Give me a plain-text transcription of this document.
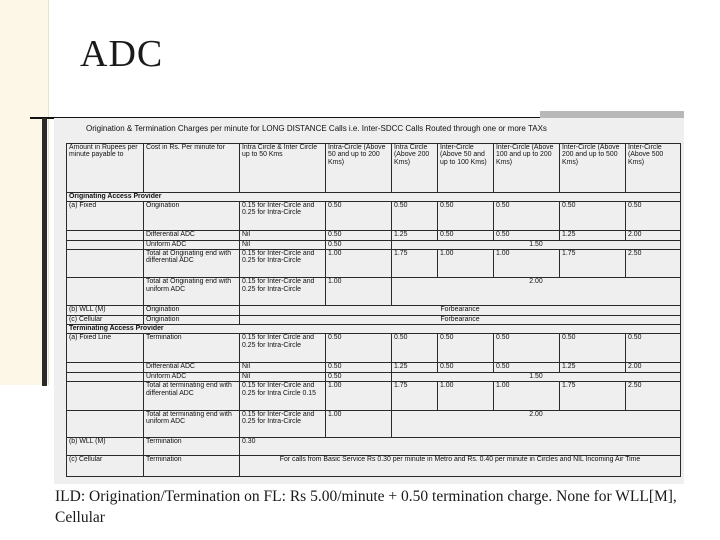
ADC
Origination & Termination Charges per minute for LONG DISTANCE Calls i.e. Inter-SDCC Calls Routed through one or more TAXs
Amount in Rupees per minute payable to	Cost in Rs. Per minute for	Intra Circle & Inter Circle up to 50 Kms	Intra-Circle (Above 50 and up to 200 Kms)	Intra Circle (Above 200 Kms)	Inter-Circle (Above 50 and up to 100 Kms)	Inter-Circle (Above 100 and up to 200 Kms)	Inter-Circle (Above 200 and up to 500 Kms)	Inter-Circle (Above 500 Kms)
Originating Access Provider								
(a) Fixed	Origination	0.15 for Inter-Circle and 0.25 for Intra-Circle	0.50	0.50	0.50	0.50	0.50	0.50
	Differential ADC	Nil	0.50	1.25	0.50	0.50	1.25	2.00
	Uniform ADC	Nil	0.50	1.50				
	Total at Originating end with differential ADC	0.15 for Inter-Circle and 0.25 for Intra-Circle	1.00	1.75	1.00	1.00	1.75	2.50
	Total at Originating end with uniform ADC	0.15 for Inter-Circle and 0.25 for Intra-Circle	1.00	2.00				
(b) WLL (M)	Origination	Forbearance						
(c) Cellular	Origination	Forbearance						
Terminating Access Provider								
(a) Fixed Line	Termination	0.15 for Inter Circle and 0.25 for Intra-Circle	0.50	0.50	0.50	0.50	0.50	0.50
	Differential ADC	Nil	0.50	1.25	0.50	0.50	1.25	2.00
	Uniform ADC	Nil	0.50	1.50				
	Total at terminating end with differential ADC	0.15 for Inter-Circle and 0.25 for Intra Circle 0.15	1.00	1.75	1.00	1.00	1.75	2.50
	Total at terminating end with uniform ADC	0.15 for Inter-Circle and 0.25 for Intra-Circle	1.00	2.00				
(b) WLL (M)	Termination	0.30						
(c) Cellular	Termination	For calls from Basic Service Rs 0.30 per minute in Metro and Rs. 0.40 per minute in Circles and NIL Incoming Air Time						
ILD: Origination/Termination on FL: Rs 5.00/minute + 0.50 termination charge. None for WLL[M], Cellular
